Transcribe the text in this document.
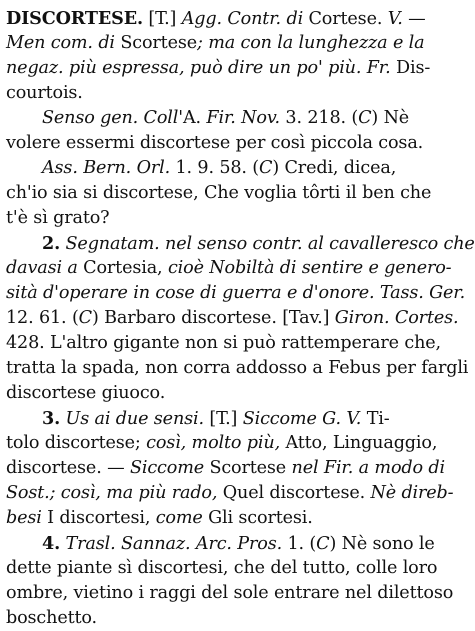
DISCORTESE. [T.] Agg. Contr. di Cortese. V. —
Men com. di Scortese; ma con la lunghezza e la
negaz. più espressa, può dire un po' più. Fr. Dis-
courtois.
Senso gen. Coll'A. Fir. Nov. 3. 218. (C) Nè
volere essermi discortese per così piccola cosa.
Ass. Bern. Orl. 1. 9. 58. (C) Credi, dicea,
ch'io sia si discortese, Che voglia tôrti il ben che
t'è sì grato?
2. Segnatam. nel senso contr. al cavalleresco che
davasi a Cortesia, cioè Nobiltà di sentire e genero-
sità d'operare in cose di guerra e d'onore. Tass. Ger.
12. 61. (C) Barbaro discortese. [Tav.] Giron. Cortes.
428. L'altro gigante non si può rattemperare che,
tratta la spada, non corra addosso a Febus per fargli
discortese giuoco.
3. Us ai due sensi. [T.] Siccome G. V. Ti-
tolo discortese; così, molto più, Atto, Linguaggio,
discortese. — Siccome Scortese nel Fir. a modo di
Sost.; così, ma più rado, Quel discortese. Nè direb-
besi I discortesi, come Gli scortesi.
4. Trasl. Sannaz. Arc. Pros. 1. (C) Nè sono le
dette piante sì discortesi, che del tutto, colle loro
ombre, vietino i raggi del sole entrare nel dilettoso
boschetto.
